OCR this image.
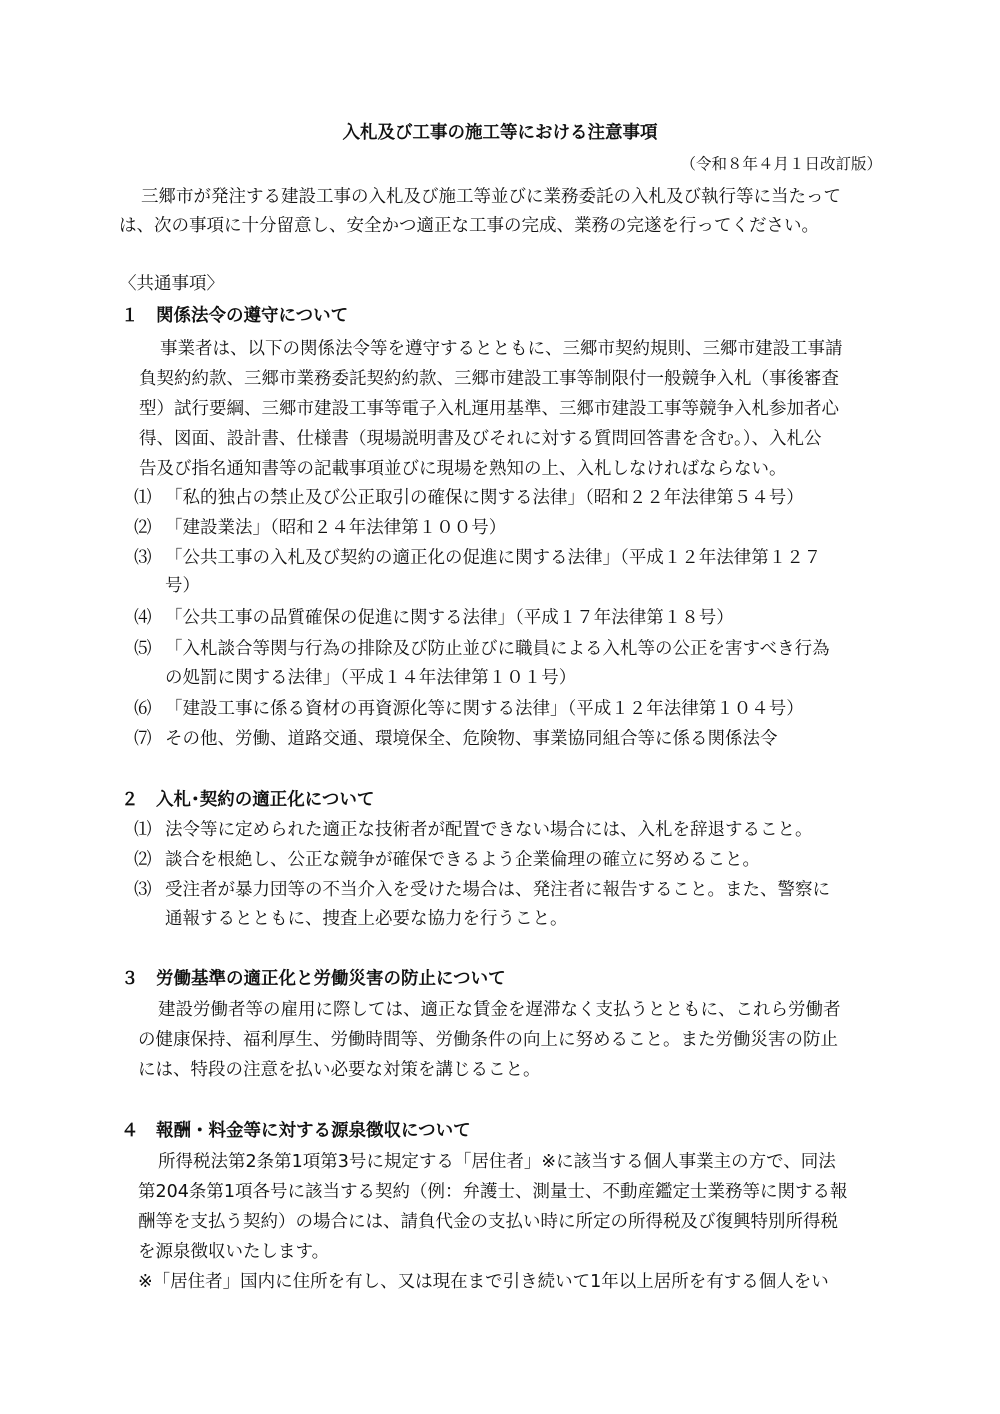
入札及び工事の施工等における注意事項
（令和８年４月１日改訂版）
三郷市が発注する建設工事の入札及び施工等並びに業務委託の入札及び執行等に当たって
は、次の事項に十分留意し、安全かつ適正な工事の完成、業務の完遂を行ってください。
〈共通事項〉
１　関係法令の遵守について
事業者は、以下の関係法令等を遵守するとともに、三郷市契約規則、三郷市建設工事請
負契約約款、三郷市業務委託契約約款、三郷市建設工事等制限付一般競争入札（事後審査
型）試行要綱、三郷市建設工事等電子入札運用基準、三郷市建設工事等競争入札参加者心
得、図面、設計書、仕様書（現場説明書及びそれに対する質問回答書を含む。）、入札公
告及び指名通知書等の記載事項並びに現場を熟知の上、入札しなければならない。
⑴ 「私的独占の禁止及び公正取引の確保に関する法律」（昭和２２年法律第５４号）
⑵ 「建設業法」（昭和２４年法律第１００号）
⑶ 「公共工事の入札及び契約の適正化の促進に関する法律」（平成１２年法律第１２７
号）
⑷ 「公共工事の品質確保の促進に関する法律」（平成１７年法律第１８号）
⑸ 「入札談合等関与行為の排除及び防止並びに職員による入札等の公正を害すべき行為
の処罰に関する法律」（平成１４年法律第１０１号）
⑹ 「建設工事に係る資材の再資源化等に関する法律」（平成１２年法律第１０４号）
⑺ その他、労働、道路交通、環境保全、危険物、事業協同組合等に係る関係法令
２　入札･契約の適正化について
⑴ 法令等に定められた適正な技術者が配置できない場合には、入札を辞退すること。
⑵ 談合を根絶し、公正な競争が確保できるよう企業倫理の確立に努めること。
⑶ 受注者が暴力団等の不当介入を受けた場合は、発注者に報告すること。また、警察に
通報するとともに、捜査上必要な協力を行うこと。
３　労働基準の適正化と労働災害の防止について
建設労働者等の雇用に際しては、適正な賃金を遅滞なく支払うとともに、これら労働者
の健康保持、福利厚生、労働時間等、労働条件の向上に努めること。また労働災害の防止
には、特段の注意を払い必要な対策を講じること。
４　報酬・料金等に対する源泉徴収について
所得税法第2条第1項第3号に規定する「居住者」※に該当する個人事業主の方で、同法
第204条第1項各号に該当する契約（例：弁護士、測量士、不動産鑑定士業務等に関する報
酬等を支払う契約）の場合には、請負代金の支払い時に所定の所得税及び復興特別所得税
を源泉徴収いたします。
※「居住者」国内に住所を有し、又は現在まで引き続いて1年以上居所を有する個人をい
